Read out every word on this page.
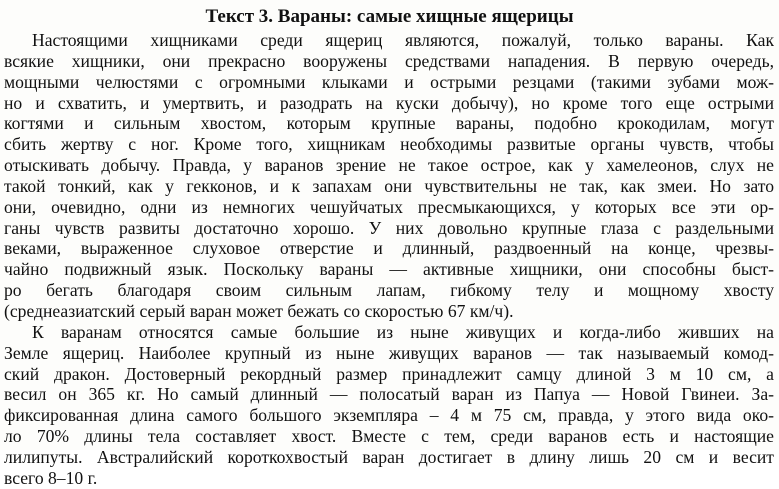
Текст 3. Вараны: самые хищные ящерицы
Настоящими хищниками среди ящериц являются, пожалуй, только вараны. Как
всякие хищники, они прекрасно вооружены средствами нападения. В первую очередь,
мощными челюстями с огромными клыками и острыми резцами (такими зубами мож-
но и схватить, и умертвить, и разодрать на куски добычу), но кроме того еще острыми
когтями и сильным хвостом, которым крупные вараны, подобно крокодилам, могут
сбить жертву с ног. Кроме того, хищникам необходимы развитые органы чувств, чтобы
отыскивать добычу. Правда, у варанов зрение не такое острое, как у хамелеонов, слух не
такой тонкий, как у гекконов, и к запахам они чувствительны не так, как змеи. Но зато
они, очевидно, одни из немногих чешуйчатых пресмыкающихся, у которых все эти ор-
ганы чувств развиты достаточно хорошо. У них довольно крупные глаза с раздельными
веками, выраженное слуховое отверстие и длинный, раздвоенный на конце, чрезвы-
чайно подвижный язык. Поскольку вараны — активные хищники, они способны быст-
ро бегать благодаря своим сильным лапам, гибкому телу и мощному хвосту
(среднеазиатский серый варан может бежать со скоростью 67 км/ч).
К варанам относятся самые большие из ныне живущих и когда-либо живших на
Земле ящериц. Наиболее крупный из ныне живущих варанов — так называемый комод-
ский дракон. Достоверный рекордный размер принадлежит самцу длиной 3 м 10 см, а
весил он 365 кг. Но самый длинный — полосатый варан из Папуа — Новой Гвинеи. За-
фиксированная длина самого большого экземпляра – 4 м 75 см, правда, у этого вида око-
ло 70% длины тела составляет хвост. Вместе с тем, среди варанов есть и настоящие
лилипуты. Австралийский короткохвостый варан достигает в длину лишь 20 см и весит
всего 8–10 г.
